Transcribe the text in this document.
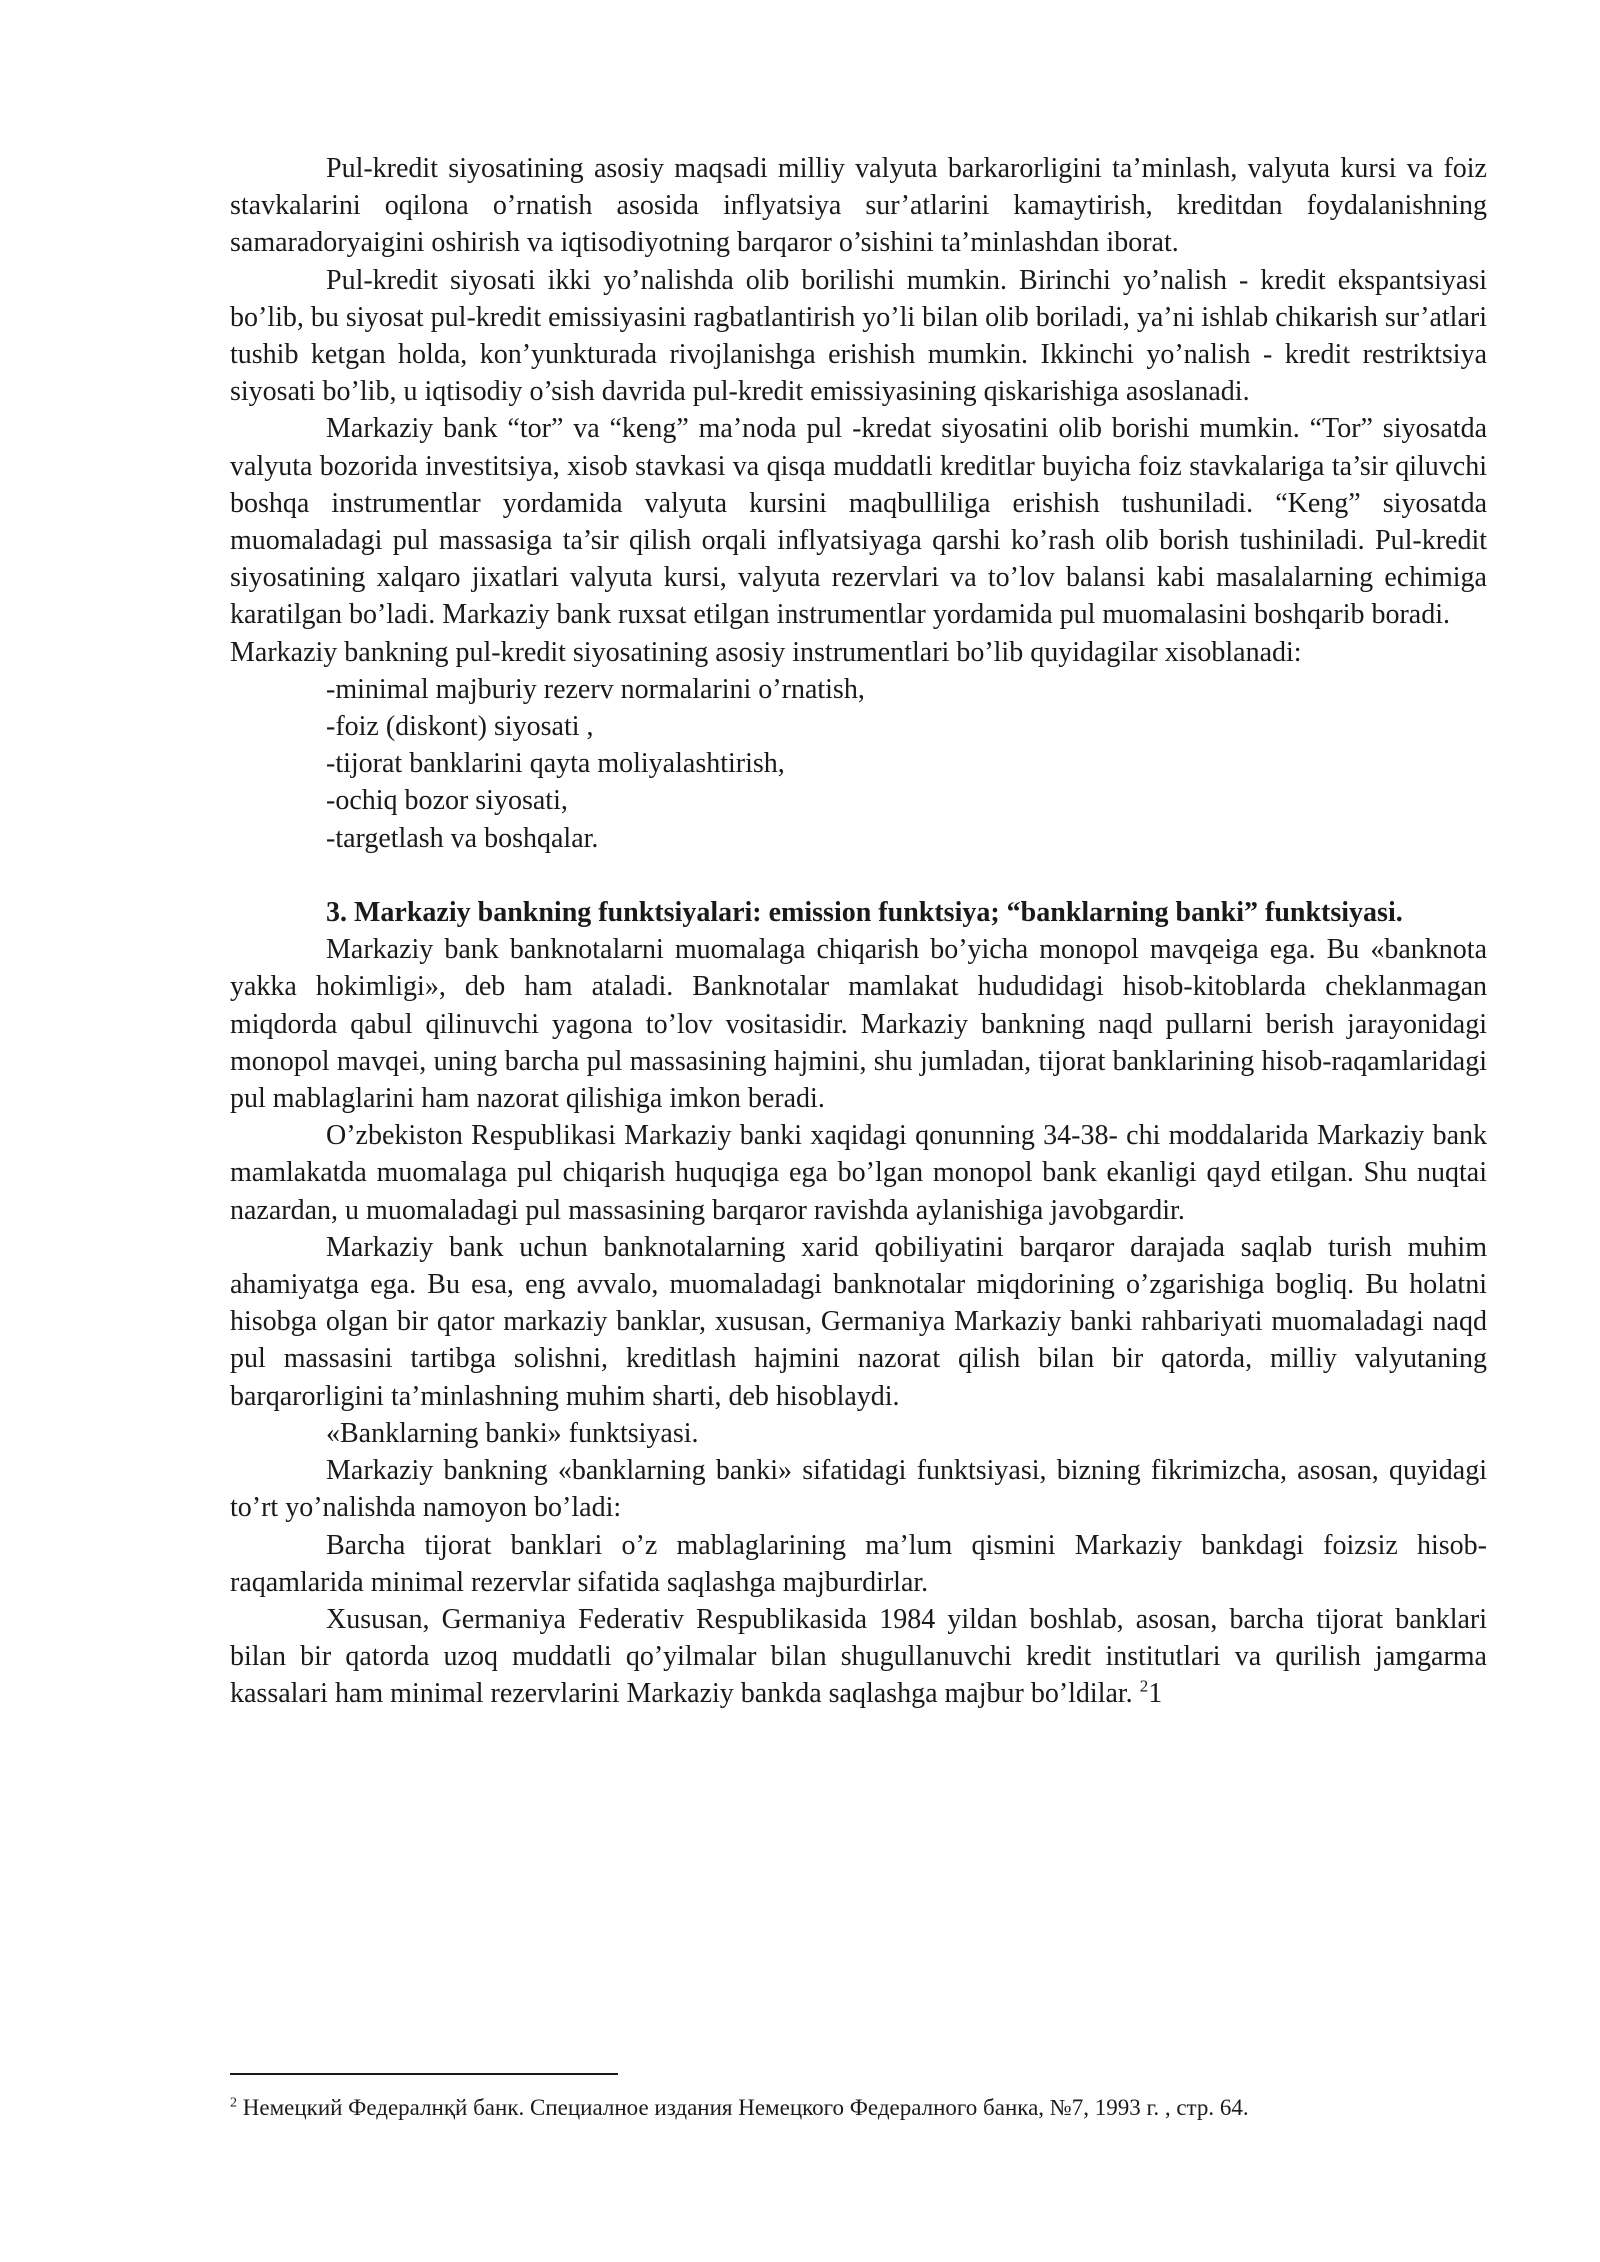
Pul-kredit siyosatining asosiy maqsadi milliy valyuta barkarorligini ta’minlash, valyuta kursi va foiz stavkalarini oqilona o’rnatish asosida inflyatsiya sur’atlarini kamaytirish, kreditdan foydalanishning samaradoryaigini oshirish va iqtisodiyotning barqaror o’sishini ta’minlashdan iborat.

Pul-kredit siyosati ikki yo’nalishda olib borilishi mumkin. Birinchi yo’nalish - kredit ekspantsiyasi bo’lib, bu siyosat pul-kredit emissiyasini ragbatlantirish yo’li bilan olib boriladi, ya’ni ishlab chikarish sur’atlari tushib ketgan holda, kon’yunkturada rivojlanishga erishish mumkin. Ikkinchi yo’nalish - kredit restriktsiya siyosati bo’lib, u iqtisodiy o’sish davrida pul-kredit emissiyasining qiskarishiga asoslanadi.

Markaziy bank “tor” va “keng” ma’noda pul -kredat siyosatini olib borishi mumkin. “Tor” siyosatda valyuta bozorida investitsiya, xisob stavkasi va qisqa muddatli kreditlar buyicha foiz stavkalariga ta’sir qiluvchi boshqa instrumentlar yordamida valyuta kursini maqbulliliga erishish tushuniladi. “Keng” siyosatda muomaladagi pul massasiga ta’sir qilish orqali inflyatsiyaga qarshi ko’rash olib borish tushiniladi. Pul-kredit siyosatining xalqaro jixatlari valyuta kursi, valyuta rezervlari va to’lov balansi kabi masalalarning echimiga karatilgan bo’ladi. Markaziy bank ruxsat etilgan instrumentlar yordamida pul muomalasini boshqarib boradi.

Markaziy bankning pul-kredit siyosatining asosiy instrumentlari bo’lib quyidagilar xisoblanadi:

-minimal majburiy rezerv normalarini o’rnatish,

-foiz (diskont) siyosati ,

-tijorat banklarini qayta moliyalashtirish,

-ochiq bozor siyosati,

-targetlash va boshqalar.

3. Markaziy bankning funktsiyalari: emission funktsiya; “banklarning banki” funktsiyasi.

Markaziy bank banknotalarni muomalaga chiqarish bo’yicha monopol mavqeiga ega. Bu «banknota yakka hokimligi», deb ham ataladi. Banknotalar mamlakat hududidagi hisob-kitoblarda cheklanmagan miqdorda qabul qilinuvchi yagona to’lov vositasidir. Markaziy bankning naqd pullarni berish jarayonidagi monopol mavqei, uning barcha pul massasining hajmini, shu jumladan, tijorat banklarining hisob-raqamlaridagi pul mablaglarini ham nazorat qilishiga imkon beradi.

O’zbekiston Respublikasi Markaziy banki xaqidagi qonunning 34-38- chi moddalarida Markaziy bank mamlakatda muomalaga pul chiqarish huquqiga ega bo’lgan monopol bank ekanligi qayd etilgan. Shu nuqtai nazardan, u muomaladagi pul massasining barqaror ravishda aylanishiga javobgardir.

Markaziy bank uchun banknotalarning xarid qobiliyatini barqaror darajada saqlab turish muhim ahamiyatga ega. Bu esa, eng avvalo, muomaladagi banknotalar miqdorining o’zgarishiga bogliq. Bu holatni hisobga olgan bir qator markaziy banklar, xususan, Germaniya Markaziy banki rahbariyati muomaladagi naqd pul massasini tartibga solishni, kreditlash hajmini nazorat qilish bilan bir qatorda, milliy valyutaning barqarorligini ta’minlashning muhim sharti, deb hisoblaydi.

«Banklarning banki» funktsiyasi.

Markaziy bankning «banklarning banki» sifatidagi funktsiyasi, bizning fikrimizcha, asosan, quyidagi to’rt yo’nalishda namoyon bo’ladi:

Barcha tijorat banklari o’z mablaglarining ma’lum qismini Markaziy bankdagi foizsiz hisob-raqamlarida minimal rezervlar sifatida saqlashga majburdirlar.

Xususan, Germaniya Federativ Respublikasida 1984 yildan boshlab, asosan, barcha tijorat banklari bilan bir qatorda uzoq muddatli qo’yilmalar bilan shugullanuvchi kredit institutlari va qurilish jamgarma kassalari ham minimal rezervlarini Markaziy bankda saqlashga majbur bo’ldilar. $^2$1

$^2$ Немецкий Федералнқй банк. Специалное издания Немецкого Федералного банка, №7, 1993 г. , стр. 64.
